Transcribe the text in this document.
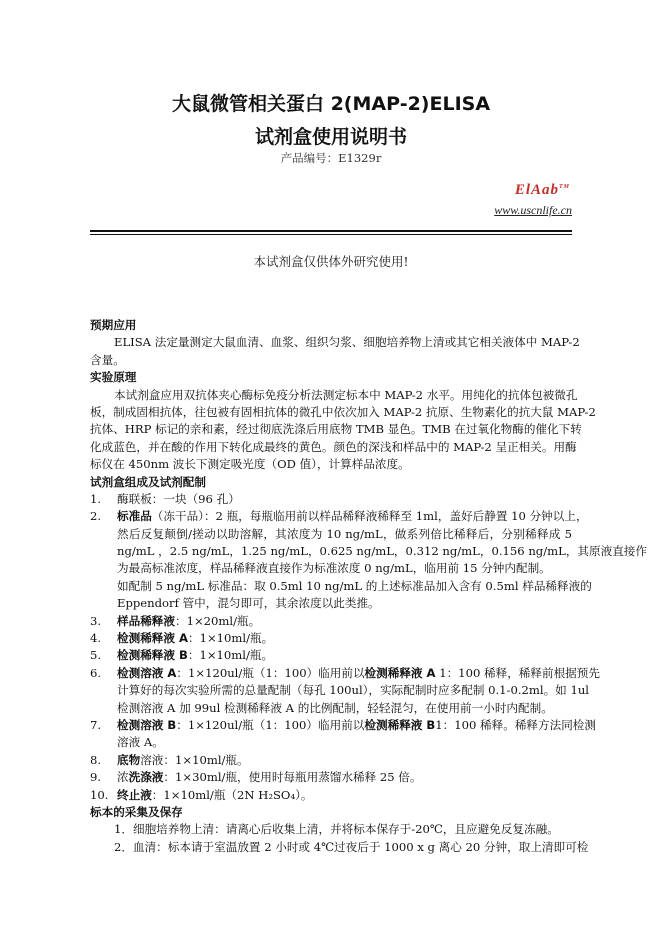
大鼠微管相关蛋白 2(MAP-2)ELISA
试剂盒使用说明书
产品编号：E1329r
ElAab™
www.uscnlife.cn
本试剂盒仅供体外研究使用!
预期应用
ELISA 法定量测定大鼠血清、血浆、组织匀浆、细胞培养物上清或其它相关液体中 MAP-2
含量。
实验原理
本试剂盒应用双抗体夹心酶标免疫分析法测定标本中 MAP-2 水平。用纯化的抗体包被微孔
板，制成固相抗体，往包被有固相抗体的微孔中依次加入 MAP-2 抗原、生物素化的抗大鼠 MAP-2
抗体、HRP 标记的亲和素，经过彻底洗涤后用底物 TMB 显色。TMB 在过氧化物酶的催化下转
化成蓝色，并在酸的作用下转化成最终的黄色。颜色的深浅和样品中的 MAP-2 呈正相关。用酶
标仪在 450nm 波长下测定吸光度（OD 值），计算样品浓度。
试剂盒组成及试剂配制
1. 酶联板：一块（96 孔）
2. 标准品（冻干品）：2 瓶，每瓶临用前以样品稀释液稀释至 1ml，盖好后静置 10 分钟以上，
然后反复颠倒/搓动以助溶解，其浓度为 10 ng/mL，做系列倍比稀释后，分别稀释成 5
ng/mL ，2.5 ng/mL，1.25 ng/mL，0.625 ng/mL，0.312 ng/mL，0.156 ng/mL，其原液直接作
为最高标准浓度，样品稀释液直接作为标准浓度 0 ng/mL，临用前 15 分钟内配制。
如配制 5 ng/mL 标准品：取 0.5ml 10 ng/mL 的上述标准品加入含有 0.5ml 样品稀释液的
Eppendorf 管中，混匀即可，其余浓度以此类推。
3. 样品稀释液：1×20ml/瓶。
4. 检测稀释液 A：1×10ml/瓶。
5. 检测稀释液 B：1×10ml/瓶。
6. 检测溶液 A：1×120ul/瓶（1：100）临用前以检测稀释液 A 1：100 稀释，稀释前根据预先
计算好的每次实验所需的总量配制（每孔 100ul），实际配制时应多配制 0.1-0.2ml。如 1ul
检测溶液 A 加 99ul 检测稀释液 A 的比例配制，轻轻混匀，在使用前一小时内配制。
7. 检测溶液 B：1×120ul/瓶（1：100）临用前以检测稀释液 B1：100 稀释。稀释方法同检测
溶液 A。
8. 底物溶液：1×10ml/瓶。
9. 浓洗涤液：1×30ml/瓶，使用时每瓶用蒸馏水稀释 25 倍。
10. 终止液：1×10ml/瓶（2N H₂SO₄）。
标本的采集及保存
1．细胞培养物上清：请离心后收集上清，并将标本保存于-20℃，且应避免反复冻融。
2．血清：标本请于室温放置 2 小时或 4℃过夜后于 1000 x g 离心 20 分钟，取上清即可检
